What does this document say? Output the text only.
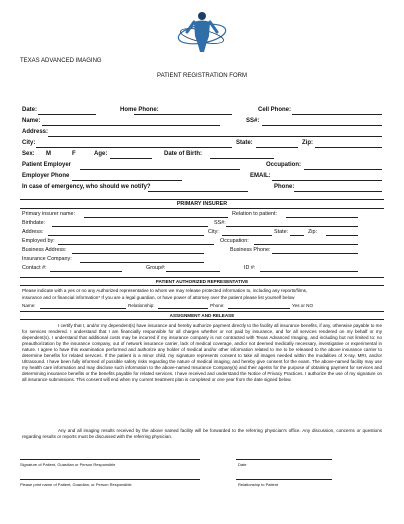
TEXAS ADVANCED IMAGING
PATIENT REGISTRATION FORM
Date:	Home Phone:	Cell Phone:
Name:	SS#:
Address:
City:	State:	Zip:
Sex: M	F	Age:	Date of Birth:
Patient Employer	Occupation:
Employer Phone	EMAIL:
In case of emergency, who should we notify?	Phone:
PRIMARY INSURER
Primary insurer name:	Relation to patient:
Birthdate:	SS#:
Address:	City:	State:	Zip:
Employed by:	Occupation:
Business Address:	Business Phone:
Insurance Company:
Contact #:	Group#:	ID #:
PATIENT AUTHORIZED REPRESENTATIVE
Please indicate with a yes or no any Authorized representative to whom we may release protected information to, including any reports/films,
insurance and or financial information* If you are a legal guardian, or have power of attorney over the patient please list yourself below
Name:	Relationship:	Phone:	Yes or NO
ASSIGNMENT AND RELEASE
I certify that I, and/or my dependent(s) have insurance and hereby authorize payment directly to the facility all insurance benefits, if any, otherwise payable to me for services rendered. I understand that I am financially responsible for all charges whether or not paid by insurance, and for all services rendered on my behalf or my dependent(s). I understand that additional costs may be incurred if my insurance company is not contracted with Texas Advanced Imaging, and including but not limited to: no preauthorization by the insurance company, out of network insurance carrier, lack of medical coverage, and/or not deemed medically necessary, investigative or experimental in nature. I agree to have this examination performed and authorize any holder of medical and/or other information related to me to be released to the above insurance carrier to determine benefits for related services. If the patient is a minor child, my signature represents consent to take all images needed within the modalities of X-ray, MRI, and/or Ultrasound. I have been fully informed of possible safety risks regarding the nature of medical imaging, and hereby give consent for the exam. The above-named facility may use my health care information and may disclose such information to the above-named Insurance Company(s) and their agents for the purpose of obtaining payment for services and determining insurance benefits or the benefits payable for related services. I have received and understand the Notice of Privacy Practices. I authorize the use of my signature on all insurance submissions. This consent will end when my current treatment plan is completed or one year from the date signed below.
Any and all imaging results received by the above named facility will be forwarded to the referring physician's office. Any discussion, concerns or questions regarding results or reports must be discussed with the referring physician.
Signature of Patient, Guardian or Person Responsible	Date
Please print name of Patient, Guardian, or Person Responsible	Relationship to Patient
